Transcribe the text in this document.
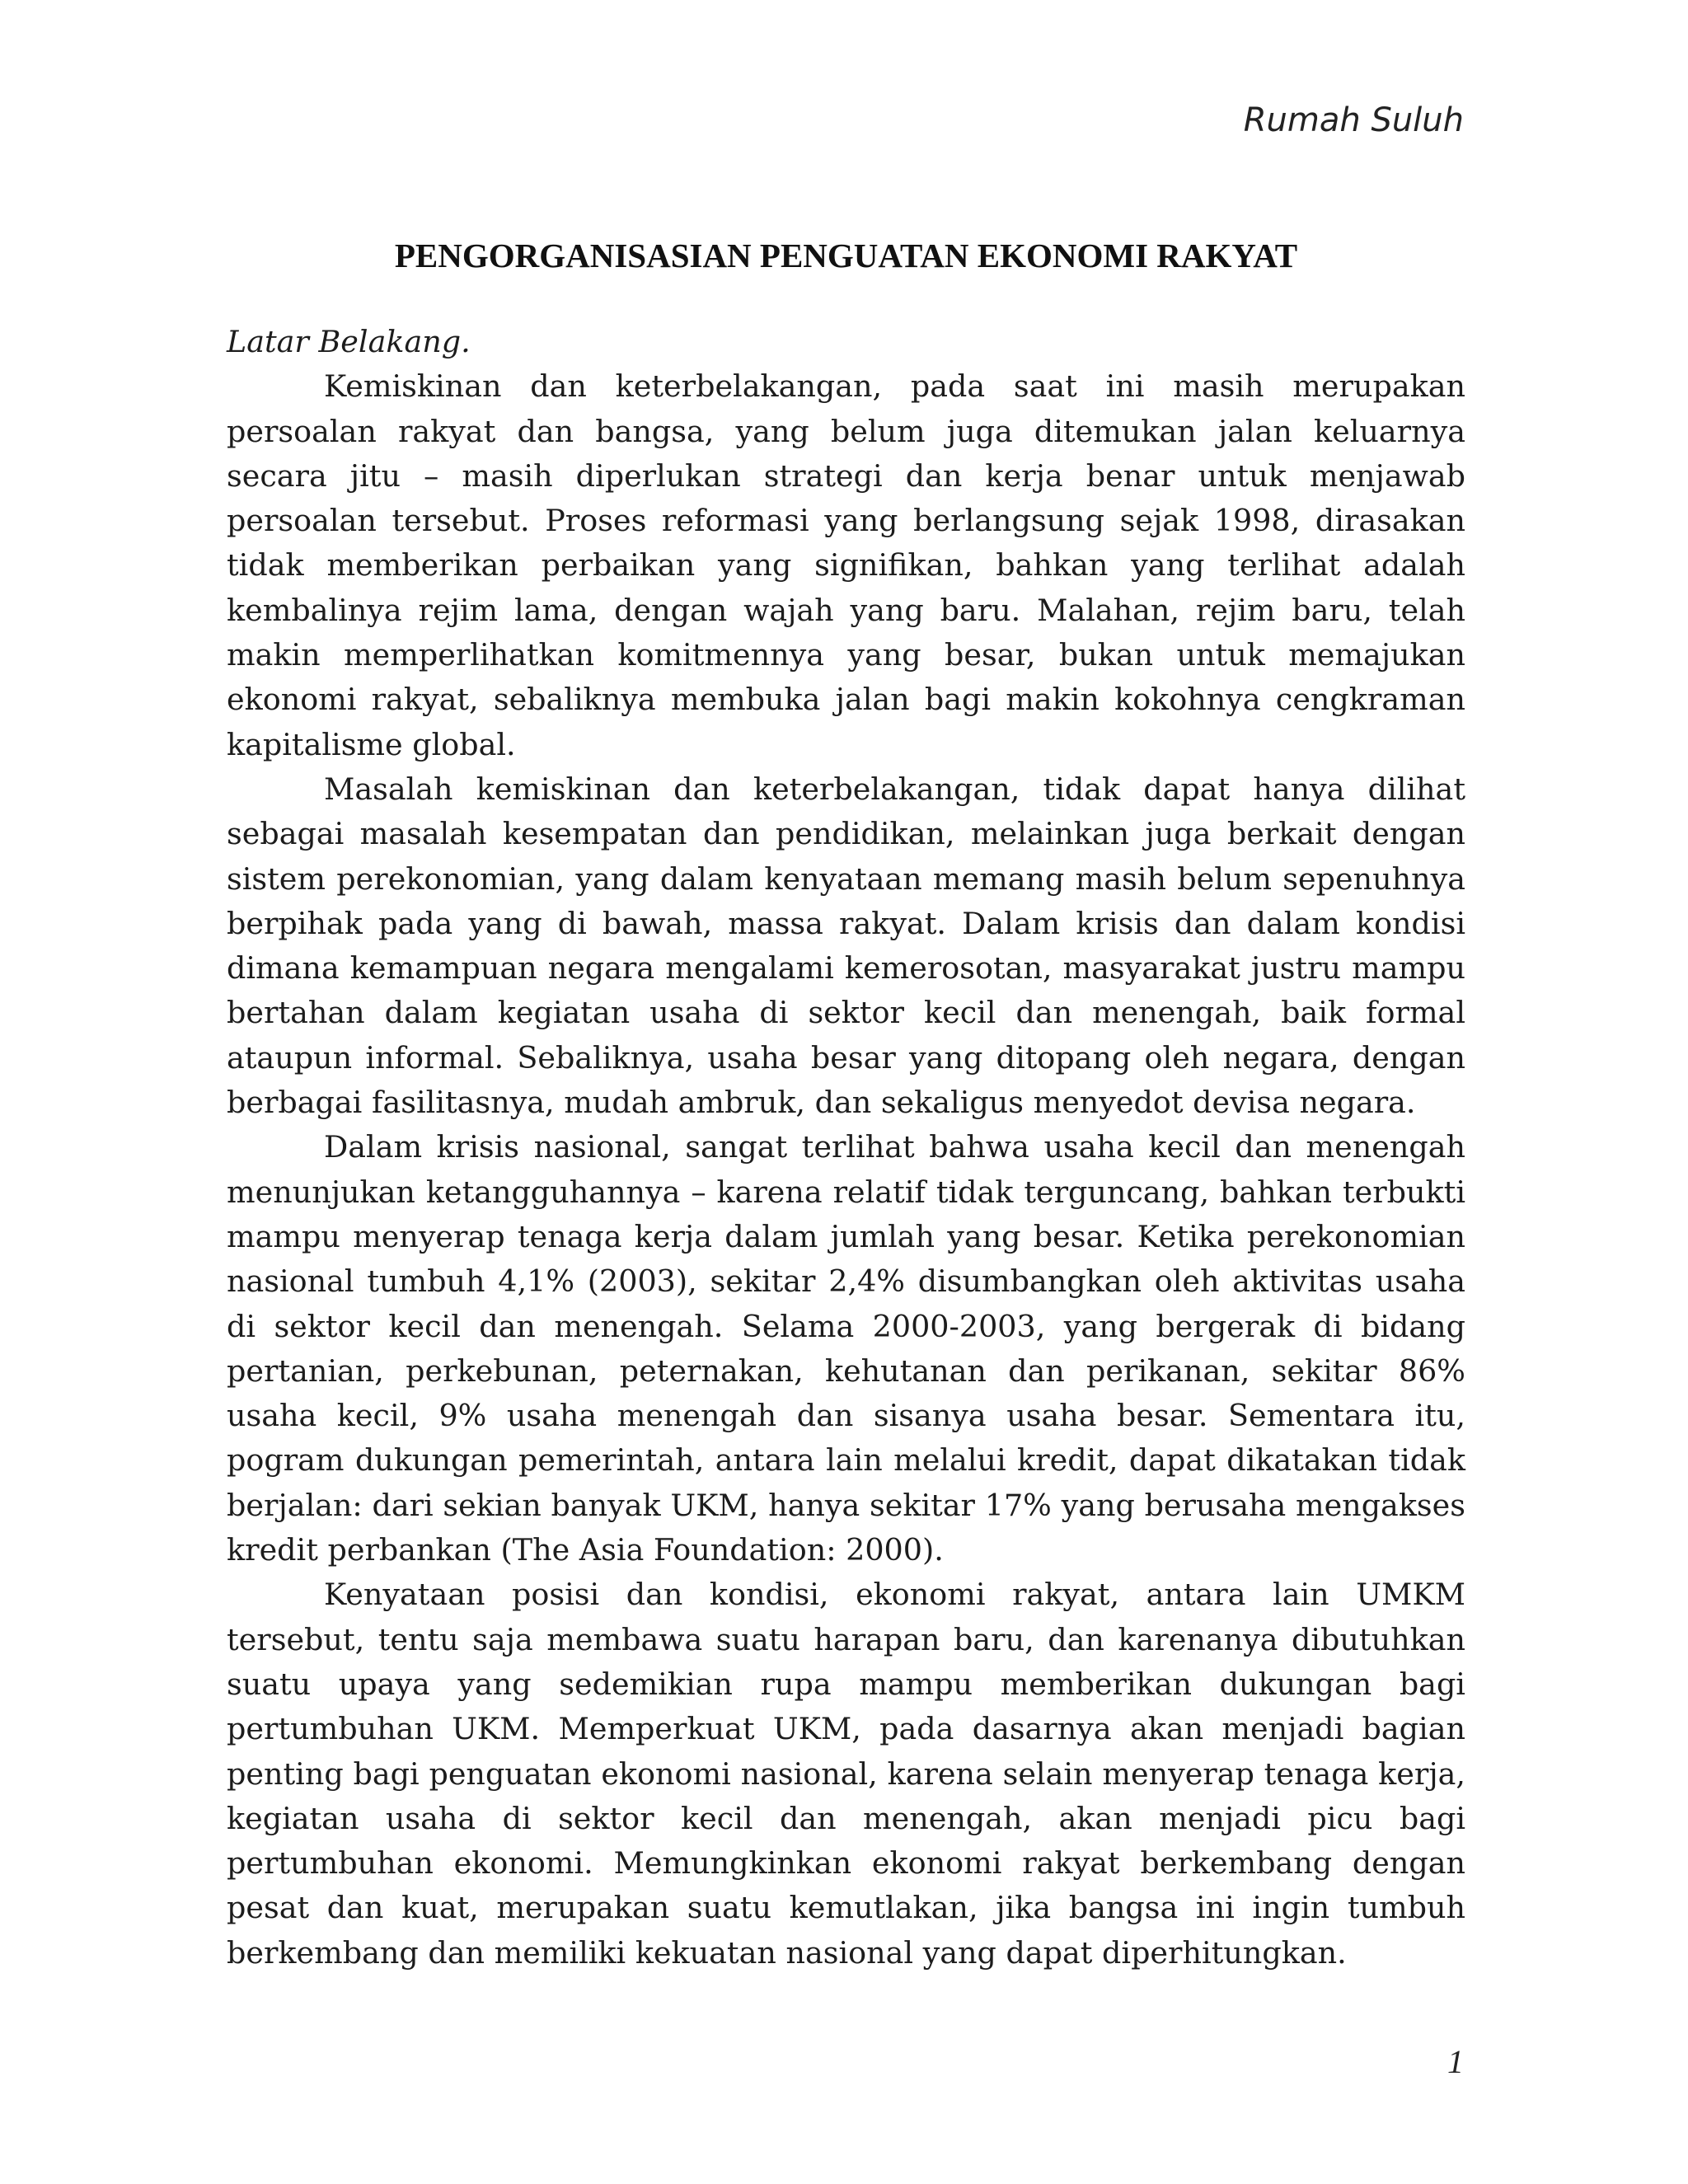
Rumah Suluh

PENGORGANISASIAN PENGUATAN EKONOMI RAKYAT

Latar Belakang.

Kemiskinan dan keterbelakangan, pada saat ini masih merupakan persoalan rakyat dan bangsa, yang belum juga ditemukan jalan keluarnya secara jitu – masih diperlukan strategi dan kerja benar untuk menjawab persoalan tersebut. Proses reformasi yang berlangsung sejak 1998, dirasakan tidak memberikan perbaikan yang signifikan, bahkan yang terlihat adalah kembalinya rejim lama, dengan wajah yang baru. Malahan, rejim baru, telah makin memperlihatkan komitmennya yang besar, bukan untuk memajukan ekonomi rakyat, sebaliknya membuka jalan bagi makin kokohnya cengkraman kapitalisme global.

Masalah kemiskinan dan keterbelakangan, tidak dapat hanya dilihat sebagai masalah kesempatan dan pendidikan, melainkan juga berkait dengan sistem perekonomian, yang dalam kenyataan memang masih belum sepenuhnya berpihak pada yang di bawah, massa rakyat. Dalam krisis dan dalam kondisi dimana kemampuan negara mengalami kemerosotan, masyarakat justru mampu bertahan dalam kegiatan usaha di sektor kecil dan menengah, baik formal ataupun informal. Sebaliknya, usaha besar yang ditopang oleh negara, dengan berbagai fasilitasnya, mudah ambruk, dan sekaligus menyedot devisa negara.

Dalam krisis nasional, sangat terlihat bahwa usaha kecil dan menengah menunjukan ketangguhannya – karena relatif tidak terguncang, bahkan terbukti mampu menyerap tenaga kerja dalam jumlah yang besar. Ketika perekonomian nasional tumbuh 4,1% (2003), sekitar 2,4% disumbangkan oleh aktivitas usaha di sektor kecil dan menengah. Selama 2000-2003, yang bergerak di bidang pertanian, perkebunan, peternakan, kehutanan dan perikanan, sekitar 86% usaha kecil, 9% usaha menengah dan sisanya usaha besar. Sementara itu, pogram dukungan pemerintah, antara lain melalui kredit, dapat dikatakan tidak berjalan: dari sekian banyak UKM, hanya sekitar 17% yang berusaha mengakses kredit perbankan (The Asia Foundation: 2000).

Kenyataan posisi dan kondisi, ekonomi rakyat, antara lain UMKM tersebut, tentu saja membawa suatu harapan baru, dan karenanya dibutuhkan suatu upaya yang sedemikian rupa mampu memberikan dukungan bagi pertumbuhan UKM. Memperkuat UKM, pada dasarnya akan menjadi bagian penting bagi penguatan ekonomi nasional, karena selain menyerap tenaga kerja, kegiatan usaha di sektor kecil dan menengah, akan menjadi picu bagi pertumbuhan ekonomi. Memungkinkan ekonomi rakyat berkembang dengan pesat dan kuat, merupakan suatu kemutlakan, jika bangsa ini ingin tumbuh berkembang dan memiliki kekuatan nasional yang dapat diperhitungkan.

1
